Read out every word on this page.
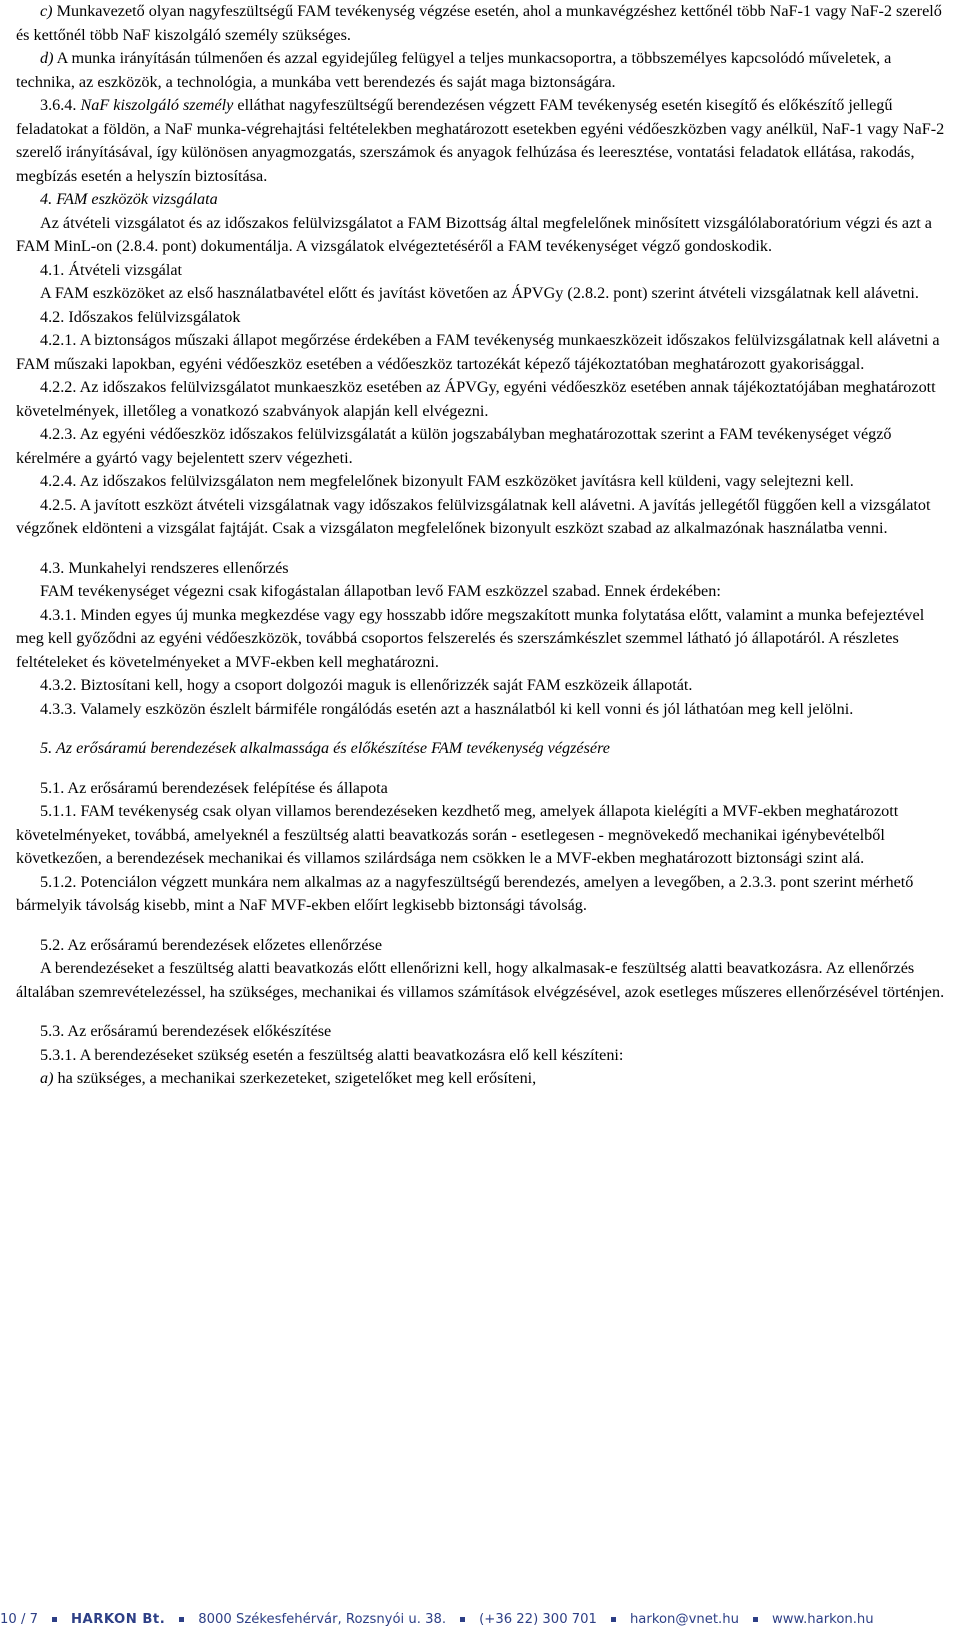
c) Munkavezető olyan nagyfeszültségű FAM tevékenység végzése esetén, ahol a munkavégzéshez kettőnél több NaF-1 vagy NaF-2 szerelő és kettőnél több NaF kiszolgáló személy szükséges.

d) A munka irányításán túlmenően és azzal egyidejűleg felügyel a teljes munkacsoportra, a többszemélyes kapcsolódó műveletek, a technika, az eszközök, a technológia, a munkába vett berendezés és saját maga biztonságára.

3.6.4. NaF kiszolgáló személy elláthat nagyfeszültségű berendezésen végzett FAM tevékenység esetén kisegítő és előkészítő jellegű feladatokat a földön, a NaF munka-végrehajtási feltételekben meghatározott esetekben egyéni védőeszközben vagy anélkül, NaF-1 vagy NaF-2 szerelő irányításával, így különösen anyagmozgatás, szerszámok és anyagok felhúzása és leeresztése, vontatási feladatok ellátása, rakodás, megbízás esetén a helyszín biztosítása.

4. FAM eszközök vizsgálata

Az átvételi vizsgálatot és az időszakos felülvizsgálatot a FAM Bizottság által megfelelőnek minősített vizsgálólaboratórium végzi és azt a FAM MinL-on (2.8.4. pont) dokumentálja. A vizsgálatok elvégeztetéséről a FAM tevékenységet végző gondoskodik.

4.1. Átvételi vizsgálat

A FAM eszközöket az első használatbavétel előtt és javítást követően az ÁPVGy (2.8.2. pont) szerint átvételi vizsgálatnak kell alávetni.

4.2. Időszakos felülvizsgálatok

4.2.1. A biztonságos műszaki állapot megőrzése érdekében a FAM tevékenység munkaeszközeit időszakos felülvizsgálatnak kell alávetni a FAM műszaki lapokban, egyéni védőeszköz esetében a védőeszköz tartozékát képező tájékoztatóban meghatározott gyakorisággal.

4.2.2. Az időszakos felülvizsgálatot munkaeszköz esetében az ÁPVGy, egyéni védőeszköz esetében annak tájékoztatójában meghatározott követelmények, illetőleg a vonatkozó szabványok alapján kell elvégezni.

4.2.3. Az egyéni védőeszköz időszakos felülvizsgálatát a külön jogszabályban meghatározottak szerint a FAM tevékenységet végző kérelmére a gyártó vagy bejelentett szerv végezheti.

4.2.4. Az időszakos felülvizsgálaton nem megfelelőnek bizonyult FAM eszközöket javításra kell küldeni, vagy selejtezni kell.

4.2.5. A javított eszközt átvételi vizsgálatnak vagy időszakos felülvizsgálatnak kell alávetni. A javítás jellegétől függően kell a vizsgálatot végzőnek eldönteni a vizsgálat fajtáját. Csak a vizsgálaton megfelelőnek bizonyult eszközt szabad az alkalmazónak használatba venni.

4.3. Munkahelyi rendszeres ellenőrzés

FAM tevékenységet végezni csak kifogástalan állapotban levő FAM eszközzel szabad. Ennek érdekében:

4.3.1. Minden egyes új munka megkezdése vagy egy hosszabb időre megszakított munka folytatása előtt, valamint a munka befejeztével meg kell győződni az egyéni védőeszközök, továbbá csoportos felszerelés és szerszámkészlet szemmel látható jó állapotáról. A részletes feltételeket és követelményeket a MVF-ekben kell meghatározni.

4.3.2. Biztosítani kell, hogy a csoport dolgozói maguk is ellenőrizzék saját FAM eszközeik állapotát.

4.3.3. Valamely eszközön észlelt bármiféle rongálódás esetén azt a használatból ki kell vonni és jól láthatóan meg kell jelölni.

5. Az erősáramú berendezések alkalmassága és előkészítése FAM tevékenység végzésére

5.1. Az erősáramú berendezések felépítése és állapota

5.1.1. FAM tevékenység csak olyan villamos berendezéseken kezdhető meg, amelyek állapota kielégíti a MVF-ekben meghatározott követelményeket, továbbá, amelyeknél a feszültség alatti beavatkozás során - esetlegesen - megnövekedő mechanikai igénybevételből következően, a berendezések mechanikai és villamos szilárdsága nem csökken le a MVF-ekben meghatározott biztonsági szint alá.

5.1.2. Potenciálon végzett munkára nem alkalmas az a nagyfeszültségű berendezés, amelyen a levegőben, a 2.3.3. pont szerint mérhető bármelyik távolság kisebb, mint a NaF MVF-ekben előírt legkisebb biztonsági távolság.

5.2. Az erősáramú berendezések előzetes ellenőrzése

A berendezéseket a feszültség alatti beavatkozás előtt ellenőrizni kell, hogy alkalmasak-e feszültség alatti beavatkozásra. Az ellenőrzés általában szemrevételezéssel, ha szükséges, mechanikai és villamos számítások elvégzésével, azok esetleges műszeres ellenőrzésével történjen.

5.3. Az erősáramú berendezések előkészítése

5.3.1. A berendezéseket szükség esetén a feszültség alatti beavatkozásra elő kell készíteni:

a) ha szükséges, a mechanikai szerkezeteket, szigetelőket meg kell erősíteni,

10 / 7	HARKON Bt.	8000 Székesfehérvár, Rozsnyói u. 38.	(+36 22) 300 701	harkon@vnet.hu	www.harkon.hu
